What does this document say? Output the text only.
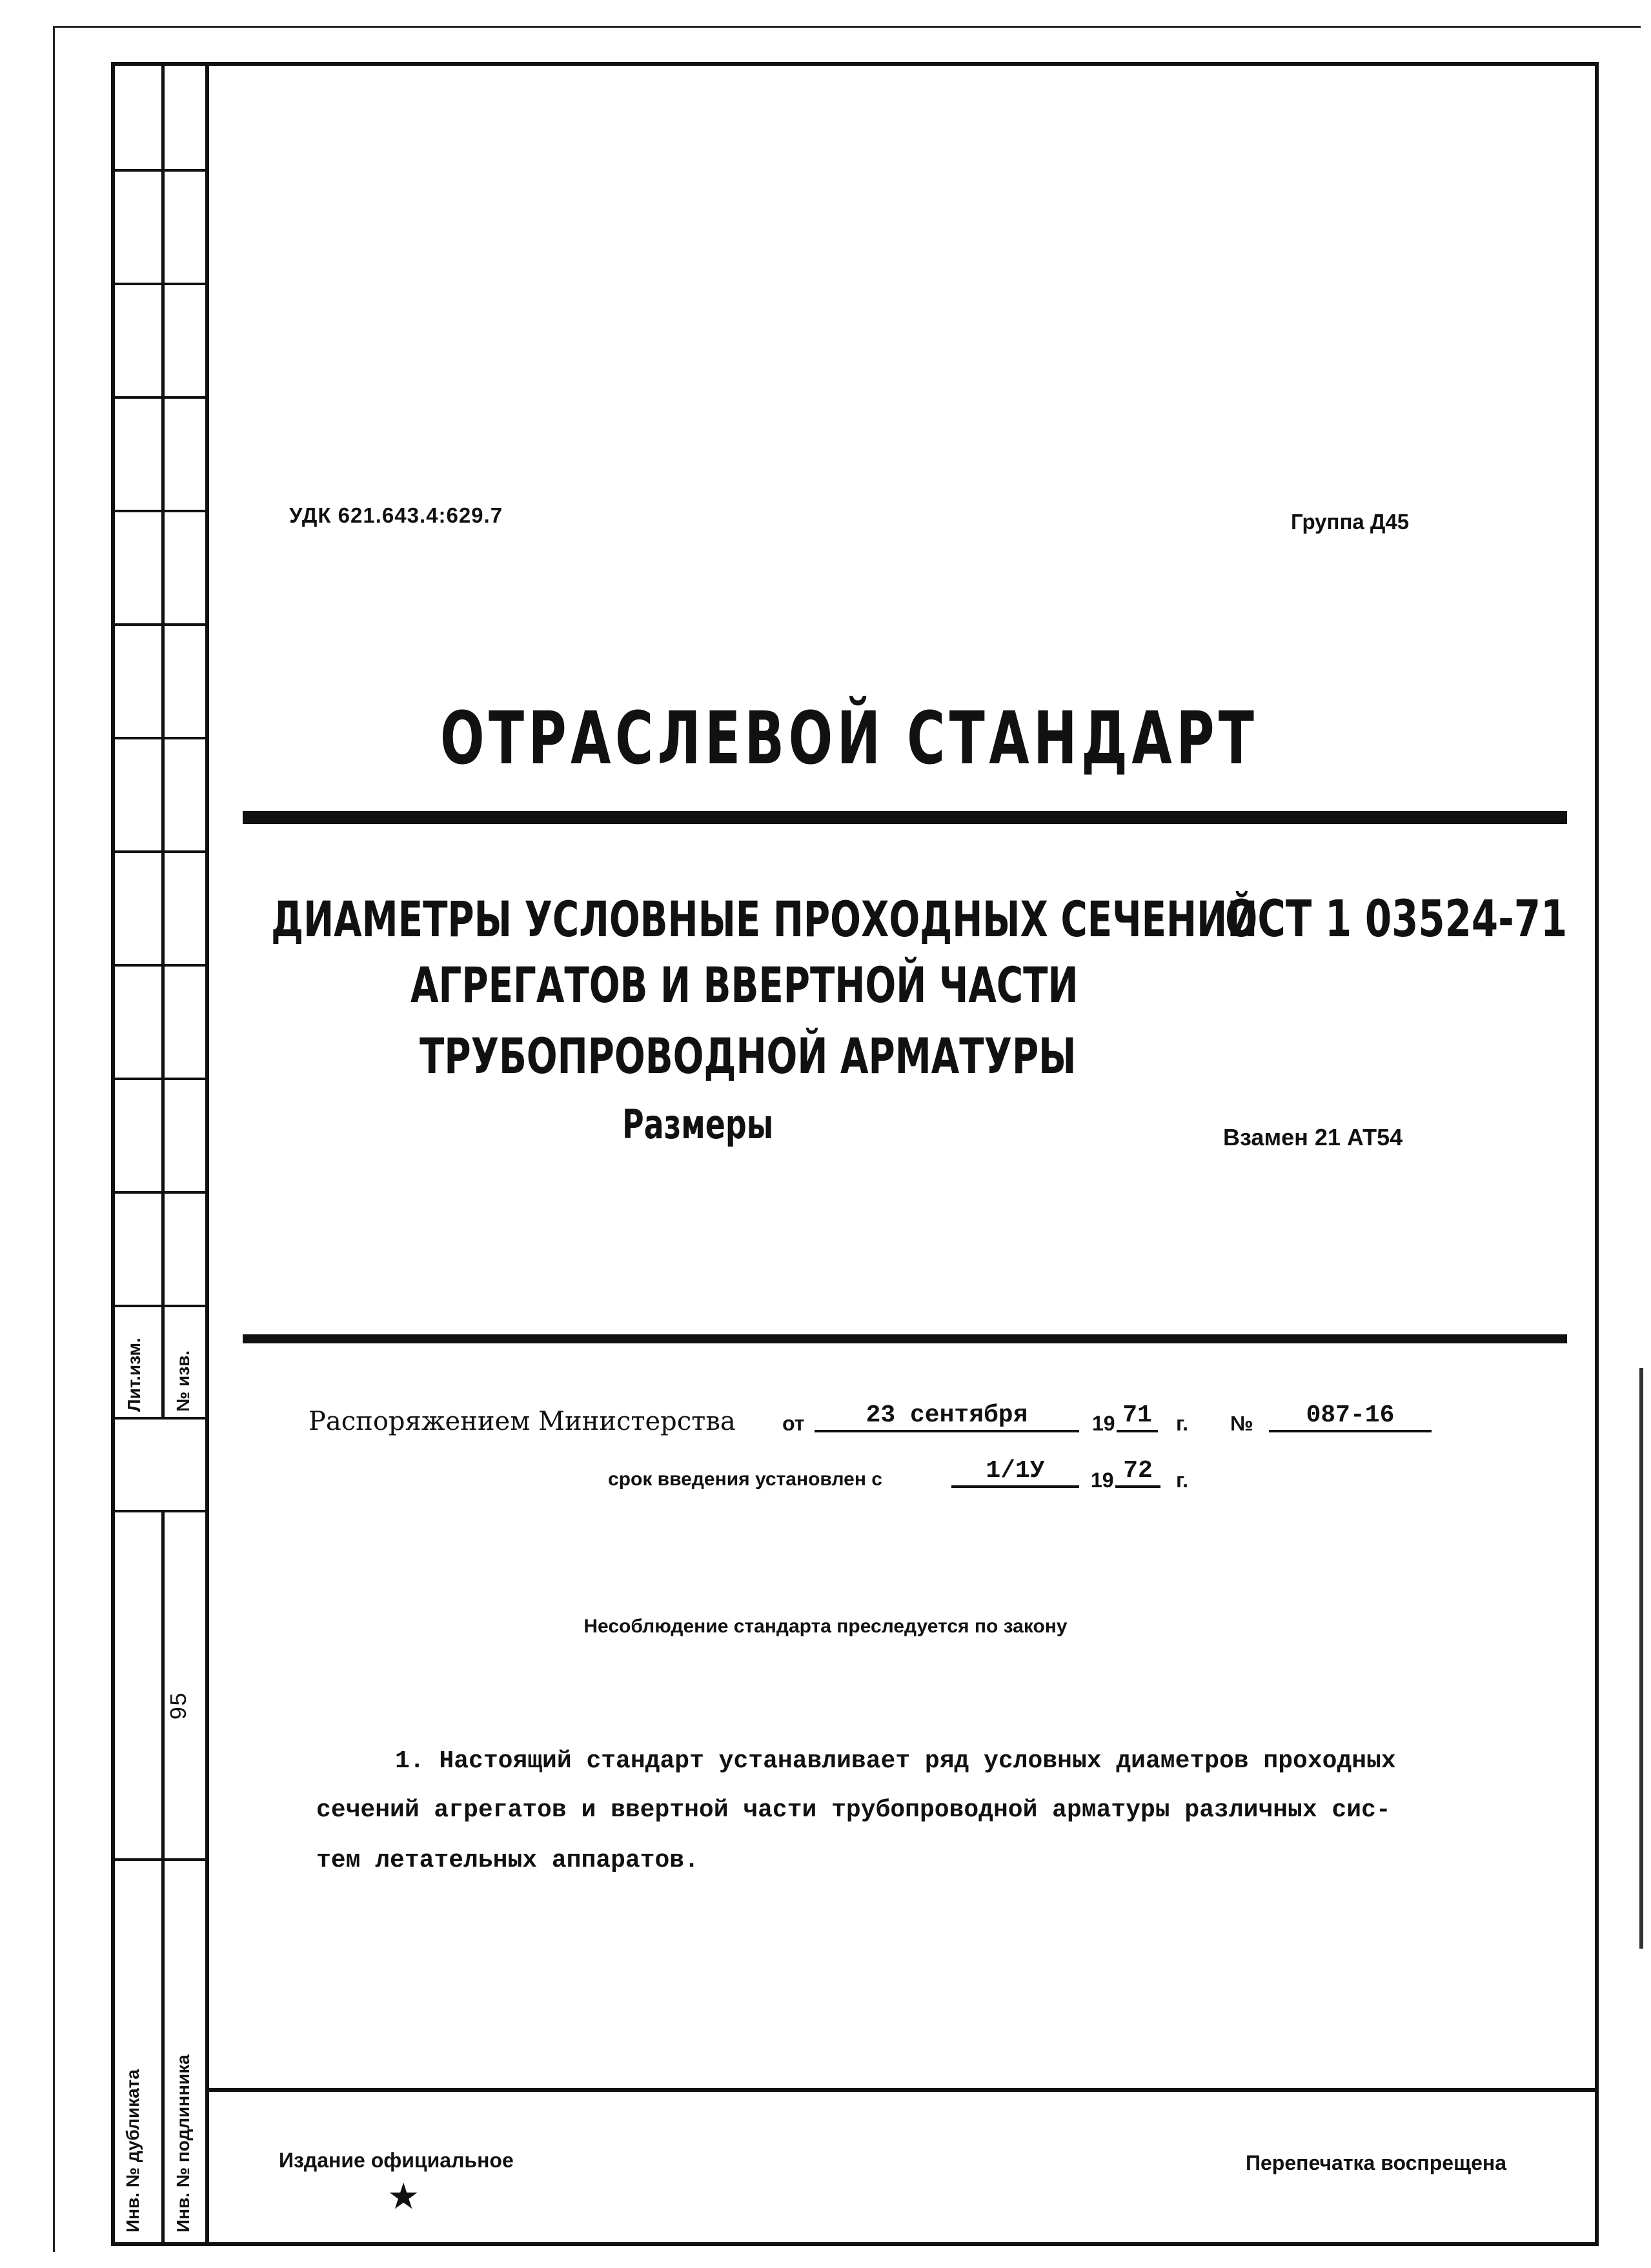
Лит.изм. № изв.
95
Инв. № дубликата Инв. № подлинника
УДК 621.643.4:629.7	Группа Д45
ОТРАСЛЕВОЙ СТАНДАРТ
ДИАМЕТРЫ УСЛОВНЫЕ ПРОХОДНЫХ СЕЧЕНИЙ
АГРЕГАТОВ И ВВЕРТНОЙ ЧАСТИ
ТРУБОПРОВОДНОЙ АРМАТУРЫ
Размеры
ОСТ 1 03524-71
Взамен 21 АТ54
Распоряжением Министерства от	23 сентября	19 71 г. №	087-16
срок введения установлен с	1/1У	19 72	г.
Несоблюдение стандарта преследуется по закону
1. Настоящий стандарт устанавливает ряд условных диаметров проходных
сечений агрегатов и ввертной части трубопроводной арматуры различных сис-
тем летательных аппаратов.
Издание официальное
★
Перепечатка воспрещена
